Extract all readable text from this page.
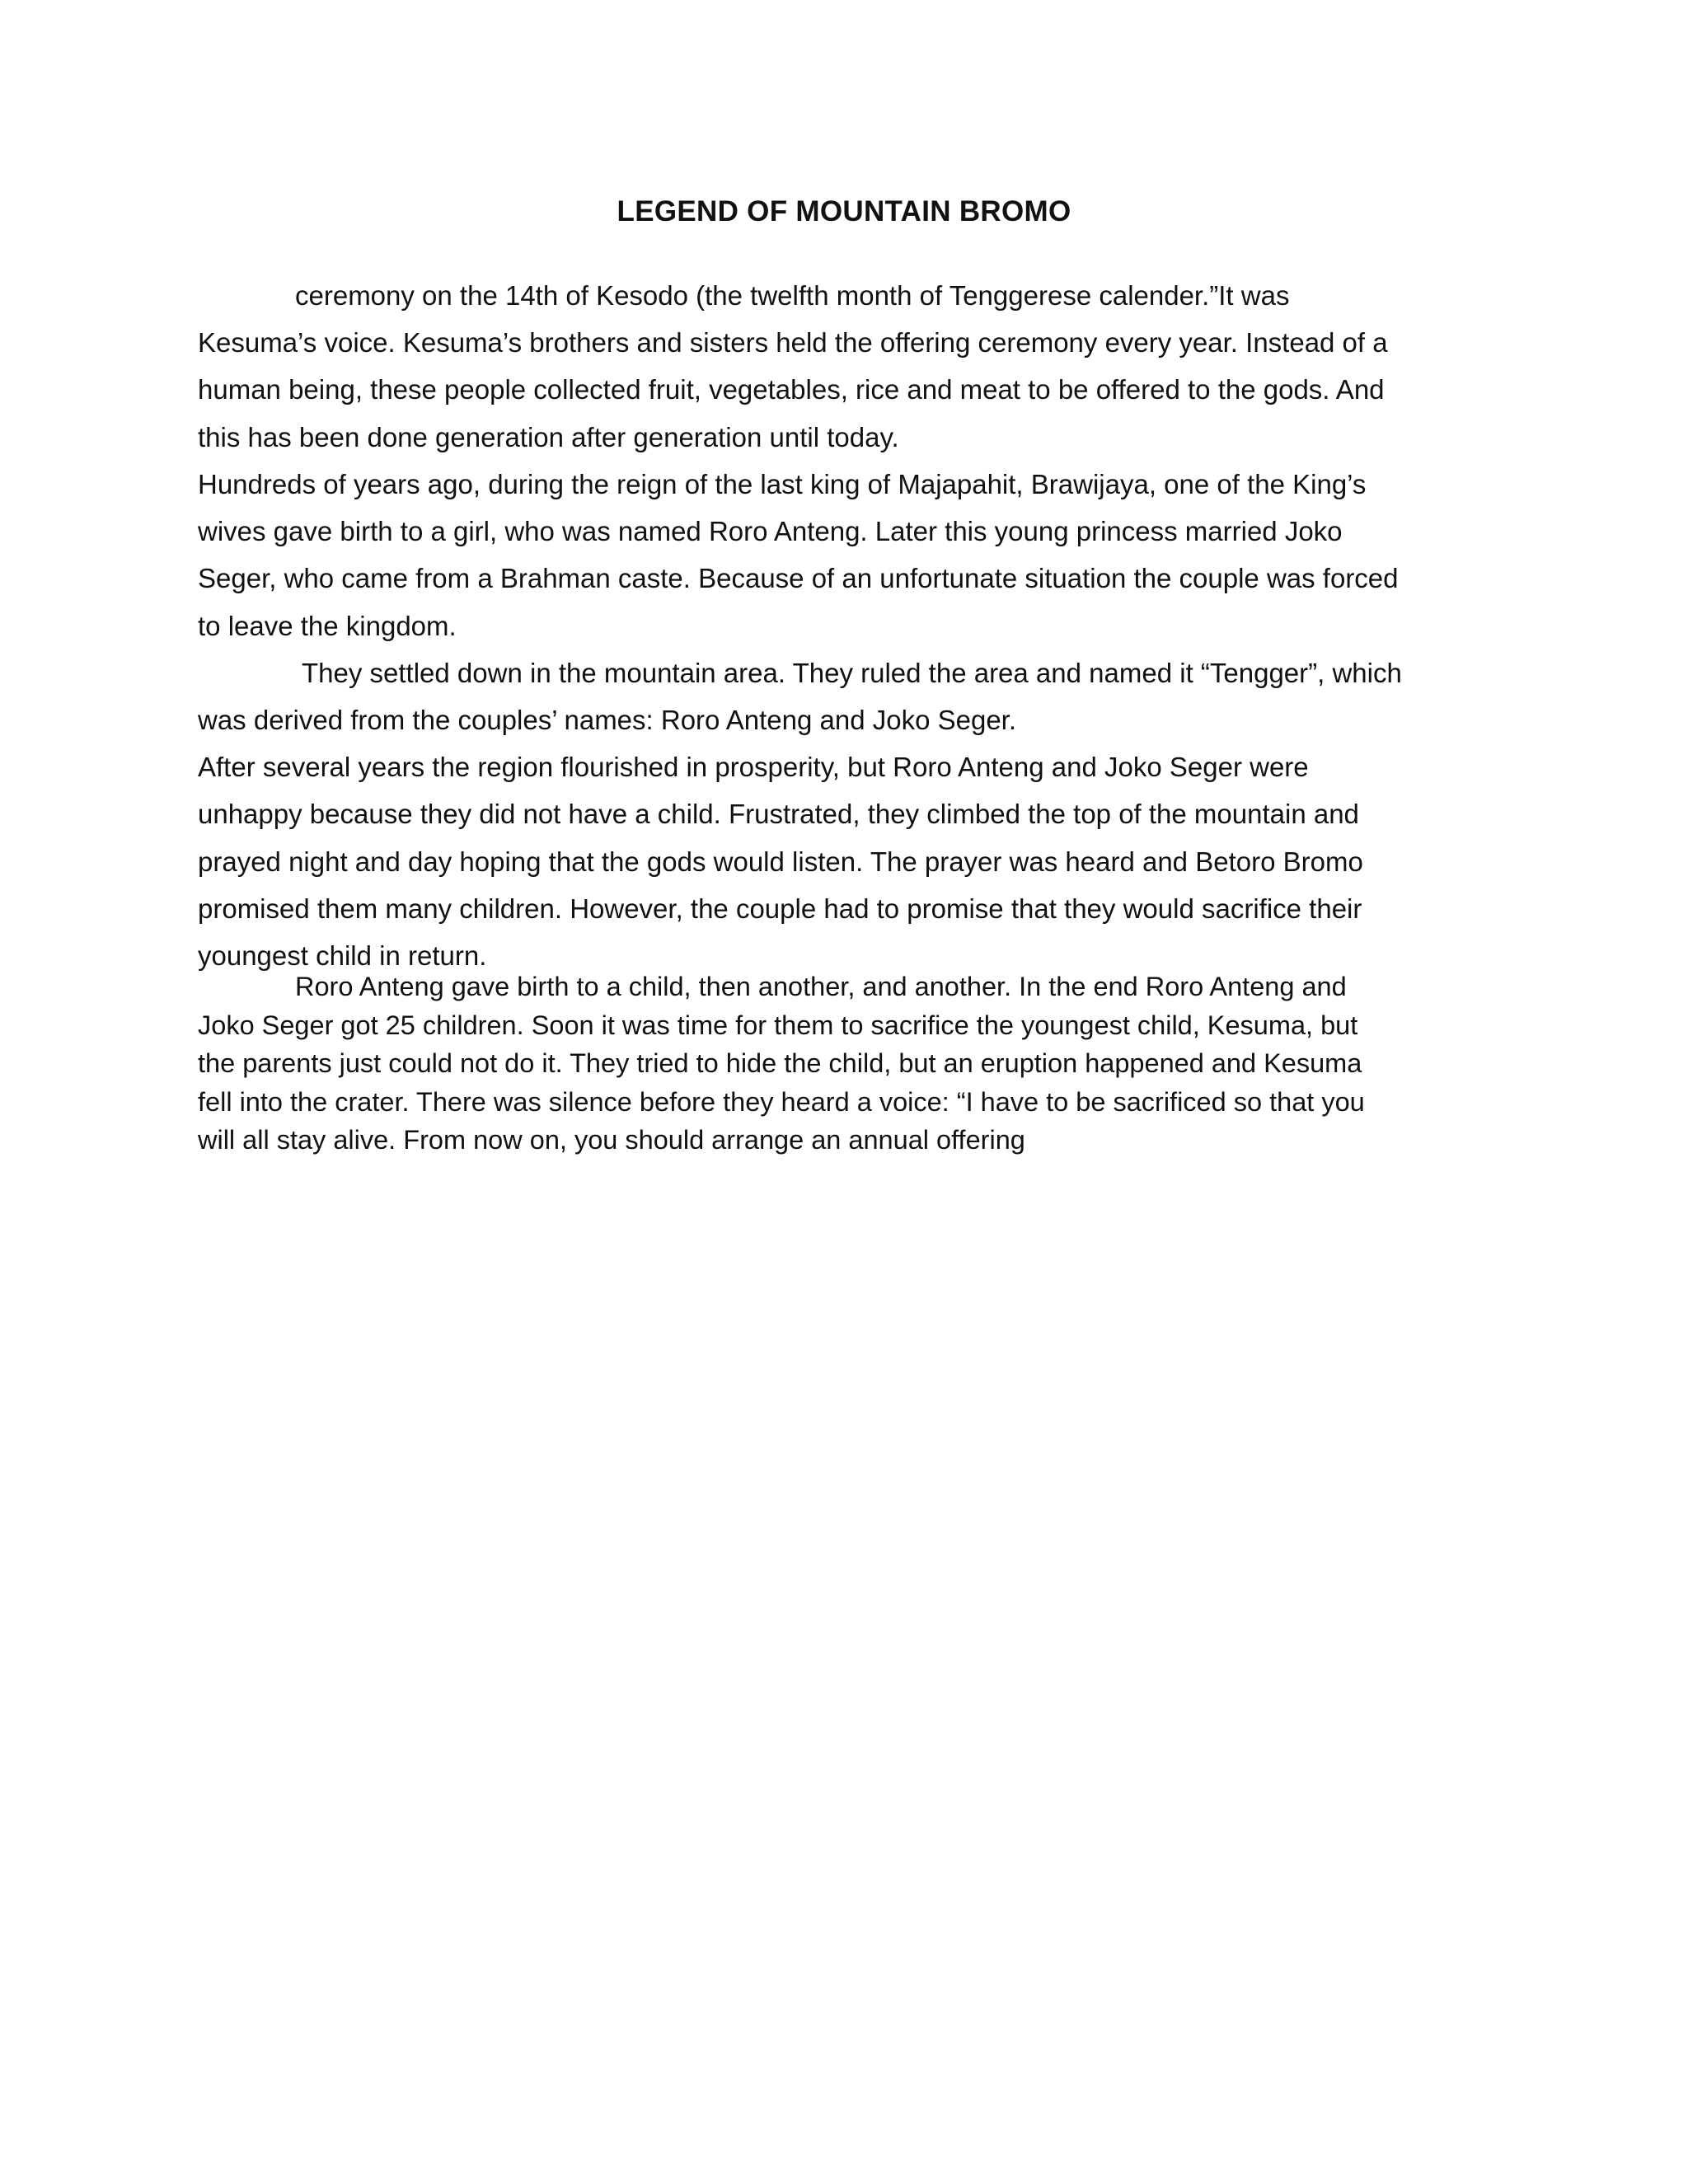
LEGEND OF MOUNTAIN BROMO
ceremony on the 14th of Kesodo (the twelfth month of Tenggerese calender.”It was
Kesuma’s voice. Kesuma’s brothers and sisters held the offering ceremony every year. Instead of a
human being, these people collected fruit, vegetables, rice and meat to be offered to the gods. And
this has been done generation after generation until today.
Hundreds of years ago, during the reign of the last king of Majapahit, Brawijaya, one of the King’s
wives gave birth to a girl, who was named Roro Anteng. Later this young princess married Joko
Seger, who came from a Brahman caste. Because of an unfortunate situation the couple was forced
to leave the kingdom.
They settled down in the mountain area. They ruled the area and named it “Tengger”, which
was derived from the couples’ names: Roro Anteng and Joko Seger.
After several years the region flourished in prosperity, but Roro Anteng and Joko Seger were
unhappy because they did not have a child. Frustrated, they climbed the top of the mountain and
prayed night and day hoping that the gods would listen. The prayer was heard and Betoro Bromo
promised them many children. However, the couple had to promise that they would sacrifice their
youngest child in return.
Roro Anteng gave birth to a child, then another, and another. In the end Roro Anteng and
Joko Seger got 25 children. Soon it was time for them to sacrifice the youngest child, Kesuma, but
the parents just could not do it. They tried to hide the child, but an eruption happened and Kesuma
fell into the crater. There was silence before they heard a voice: “I have to be sacrificed so that you
will all stay alive. From now on, you should arrange an annual offering
